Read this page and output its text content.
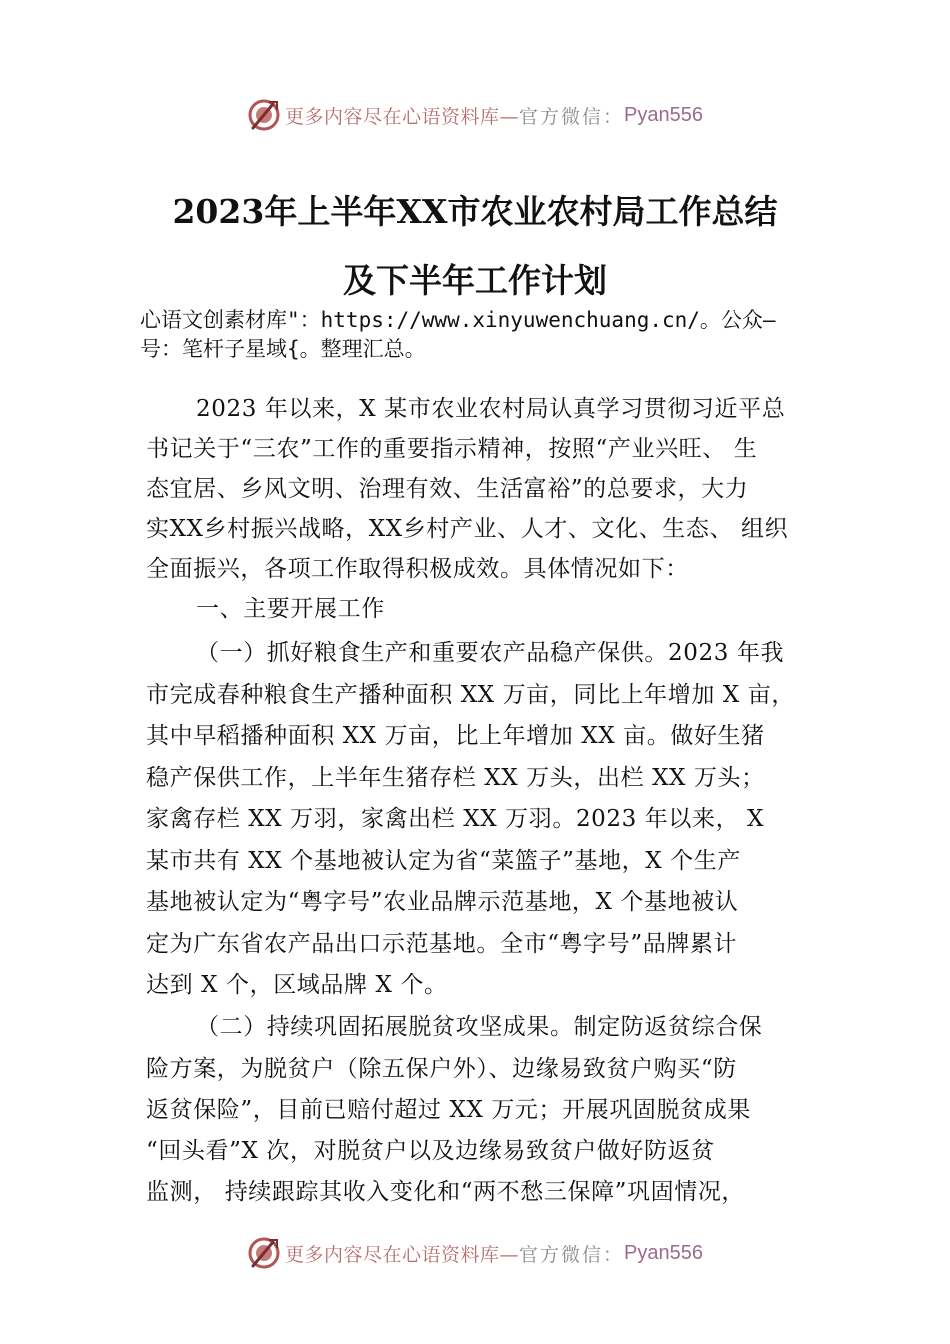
更多内容尽在心语资料库— 官方微信： Pyan556
2023年上半年XX市农业农村局工作总结
及下半年工作计划
心语文创素材库"：https://www.xinyuwenchuang.cn/。公众—
号：笔杆子星域{。整理汇总。
2023 年以来，X 某市农业农村局认真学习贯彻习近平总
书记关于“三农”工作的重要指示精神，按照“产业兴旺、 生
态宜居、乡风文明、治理有效、生活富裕”的总要求，大力
实XX乡村振兴战略，XX乡村产业、人才、文化、生态、 组织
全面振兴，各项工作取得积极成效。具体情况如下：
一、主要开展工作
（一）抓好粮食生产和重要农产品稳产保供。2023 年我
市完成春种粮食生产播种面积 XX 万亩，同比上年增加 X 亩，
其中早稻播种面积 XX 万亩，比上年增加 XX 亩。做好生猪
稳产保供工作，上半年生猪存栏 XX 万头，出栏 XX 万头；
家禽存栏 XX 万羽，家禽出栏 XX 万羽。2023 年以来， X
某市共有 XX 个基地被认定为省“菜篮子”基地，X 个生产
基地被认定为“粤字号”农业品牌示范基地，X 个基地被认
定为广东省农产品出口示范基地。全市“粤字号”品牌累计
达到 X 个，区域品牌 X 个。
（二）持续巩固拓展脱贫攻坚成果。制定防返贫综合保
险方案，为脱贫户（除五保户外）、边缘易致贫户购买“防
返贫保险”，目前已赔付超过 XX 万元；开展巩固脱贫成果
“回头看”X 次，对脱贫户以及边缘易致贫户做好防返贫
监测， 持续跟踪其收入变化和“两不愁三保障”巩固情况，
更多内容尽在心语资料库— 官方微信： Pyan556
